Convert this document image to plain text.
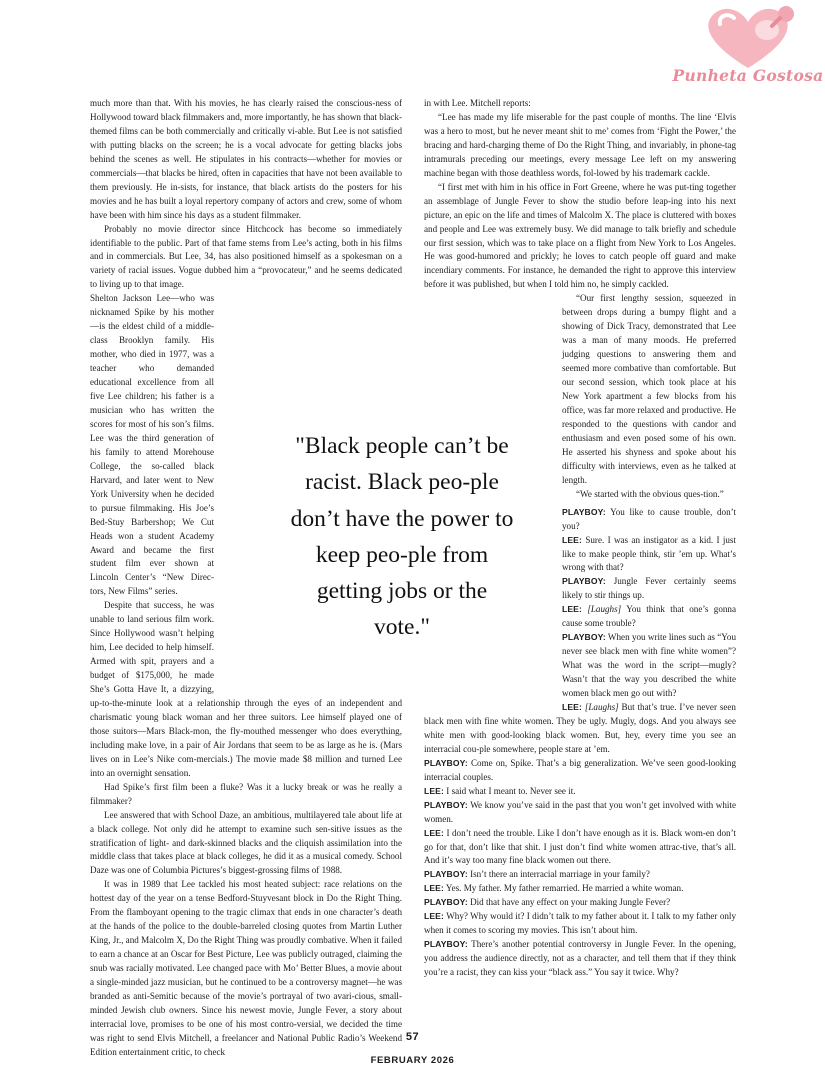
Punheta Gostosa

much more than that. With his movies, he has clearly raised the conscious-ness of Hollywood toward black filmmakers and, more importantly, he has shown that black-themed films can be both commercially and critically vi-able. But Lee is not satisfied with putting blacks on the screen; he is a vocal advocate for getting blacks jobs behind the scenes as well. He stipulates in his contracts—whether for movies or commercials—that blacks be hired, often in capacities that have not been available to them previously. He in-sists, for instance, that black artists do the posters for his movies and he has built a loyal repertory company of actors and crew, some of whom have been with him since his days as a student filmmaker.

Probably no movie director since Hitchcock has become so immediately identifiable to the public. Part of that fame stems from Lee’s acting, both in his films and in commercials. But Lee, 34, has also positioned himself as a spokesman on a variety of racial issues. Vogue dubbed him a “provocateur,” and he seems dedicated to living up to that image.

Shelton Jackson Lee—who was nicknamed Spike by his mother—is the eldest child of a middle-class Brooklyn family. His mother, who died in 1977, was a teacher who demanded educational excellence from all five Lee children; his father is a musician who has written the scores for most of his son’s films. Lee was the third generation of his family to attend Morehouse College, the so-called black Harvard, and later went to New York University when he decided to pursue filmmaking. His Joe’s Bed-Stuy Barbershop; We Cut Heads won a student Academy Award and became the first student film ever shown at Lincoln Center’s “New Direc-tors, New Films” series.

Despite that success, he was unable to land serious film work. Since Hollywood wasn’t helping him, Lee decided to help himself. Armed with spit, prayers and a budget of $175,000, he made She’s Gotta Have It, a dizzying, up-to-the-minute look at a relationship through the eyes of an independent and charismatic young black woman and her three suitors. Lee himself played one of those suitors—Mars Black-mon, the fly-mouthed messenger who does everything, including make love, in a pair of Air Jordans that seem to be as large as he is. (Mars lives on in Lee’s Nike com-mercials.) The movie made $8 million and turned Lee into an overnight sensation.

Had Spike’s first film been a fluke? Was it a lucky break or was he really a filmmaker?

Lee answered that with School Daze, an ambitious, multilayered tale about life at a black college. Not only did he attempt to examine such sen-sitive issues as the stratification of light- and dark-skinned blacks and the cliquish assimilation into the middle class that takes place at black colleges, he did it as a musical comedy. School Daze was one of Columbia Pictures’s biggest-grossing films of 1988.

It was in 1989 that Lee tackled his most heated subject: race relations on the hottest day of the year on a tense Bedford-Stuyvesant block in Do the Right Thing. From the flamboyant opening to the tragic climax that ends in one character’s death at the hands of the police to the double-barreled closing quotes from Martin Luther King, Jr., and Malcolm X, Do the Right Thing was proudly combative. When it failed to earn a chance at an Oscar for Best Picture, Lee was publicly outraged, claiming the snub was racially motivated. Lee changed pace with Mo’ Better Blues, a movie about a single-minded jazz musician, but he continued to be a controversy magnet—he was branded as anti-Semitic because of the movie’s portrayal of two avari-cious, small-minded Jewish club owners. Since his newest movie, Jungle Fever, a story about interracial love, promises to be one of his most contro-versial, we decided the time was right to send Elvis Mitchell, a freelancer and National Public Radio’s Weekend Edition entertainment critic, to check

in with Lee. Mitchell reports:

“Lee has made my life miserable for the past couple of months. The line ‘Elvis was a hero to most, but he never meant shit to me’ comes from ‘Fight the Power,’ the bracing and hard-charging theme of Do the Right Thing, and invariably, in phone-tag intramurals preceding our meetings, every message Lee left on my answering machine began with those deathless words, fol-lowed by his trademark cackle.

“I first met with him in his office in Fort Greene, where he was put-ting together an assemblage of Jungle Fever to show the studio before leap-ing into his next picture, an epic on the life and times of Malcolm X. The place is cluttered with boxes and people and Lee was extremely busy. We did manage to talk briefly and schedule our first session, which was to take place on a flight from New York to Los Angeles. He was good-humored and prickly; he loves to catch people off guard and make incendiary comments. For instance, he demanded the right to approve this interview before it was published, but when I told him no, he simply cackled.

“Our first lengthy session, squeezed in between drops during a bumpy flight and a showing of Dick Tracy, demonstrated that Lee was a man of many moods. He preferred judging questions to answering them and seemed more combative than comfortable. But our second session, which took place at his New York apartment a few blocks from his office, was far more relaxed and productive. He responded to the questions with candor and enthusiasm and even posed some of his own. He asserted his shyness and spoke about his difficulty with interviews, even as he talked at length.

“We started with the obvious ques-tion.”

PLAYBOY: You like to cause trouble, don’t you?

LEE: Sure. I was an instigator as a kid. I just like to make people think, stir ’em up. What’s wrong with that?

PLAYBOY: Jungle Fever certainly seems likely to stir things up.

LEE: [Laughs] You think that one’s gonna cause some trouble?

PLAYBOY: When you write lines such as “You never see black men with fine white women”? What was the word in the script—mugly? Wasn’t that the way you described the white women black men go out with?

LEE: [Laughs] But that’s true. I’ve never seen black men with fine white women. They be ugly. Mugly, dogs. And you always see white men with good-looking black women. But, hey, every time you see an interracial cou-ple somewhere, people stare at ’em.

PLAYBOY: Come on, Spike. That’s a big generalization. We’ve seen good-looking interracial couples.

LEE: I said what I meant to. Never see it.

PLAYBOY: We know you’ve said in the past that you won’t get involved with white women.

LEE: I don’t need the trouble. Like I don’t have enough as it is. Black wom-en don’t go for that, don’t like that shit. I just don’t find white women attrac-tive, that’s all. And it’s way too many fine black women out there.

PLAYBOY: Isn’t there an interracial marriage in your family?

LEE: Yes. My father. My father remarried. He married a white woman.

PLAYBOY: Did that have any effect on your making Jungle Fever?

LEE: Why? Why would it? I didn’t talk to my father about it. I talk to my father only when it comes to scoring my movies. This isn’t about him.

PLAYBOY: There’s another potential controversy in Jungle Fever. In the opening, you address the audience directly, not as a character, and tell them that if they think you’re a racist, they can kiss your “black ass.” You say it twice. Why?

"Black people can’t be racist. Black peo-ple don’t have the power to keep peo-ple from getting jobs or the vote."
57
FEBRUARY 2026
